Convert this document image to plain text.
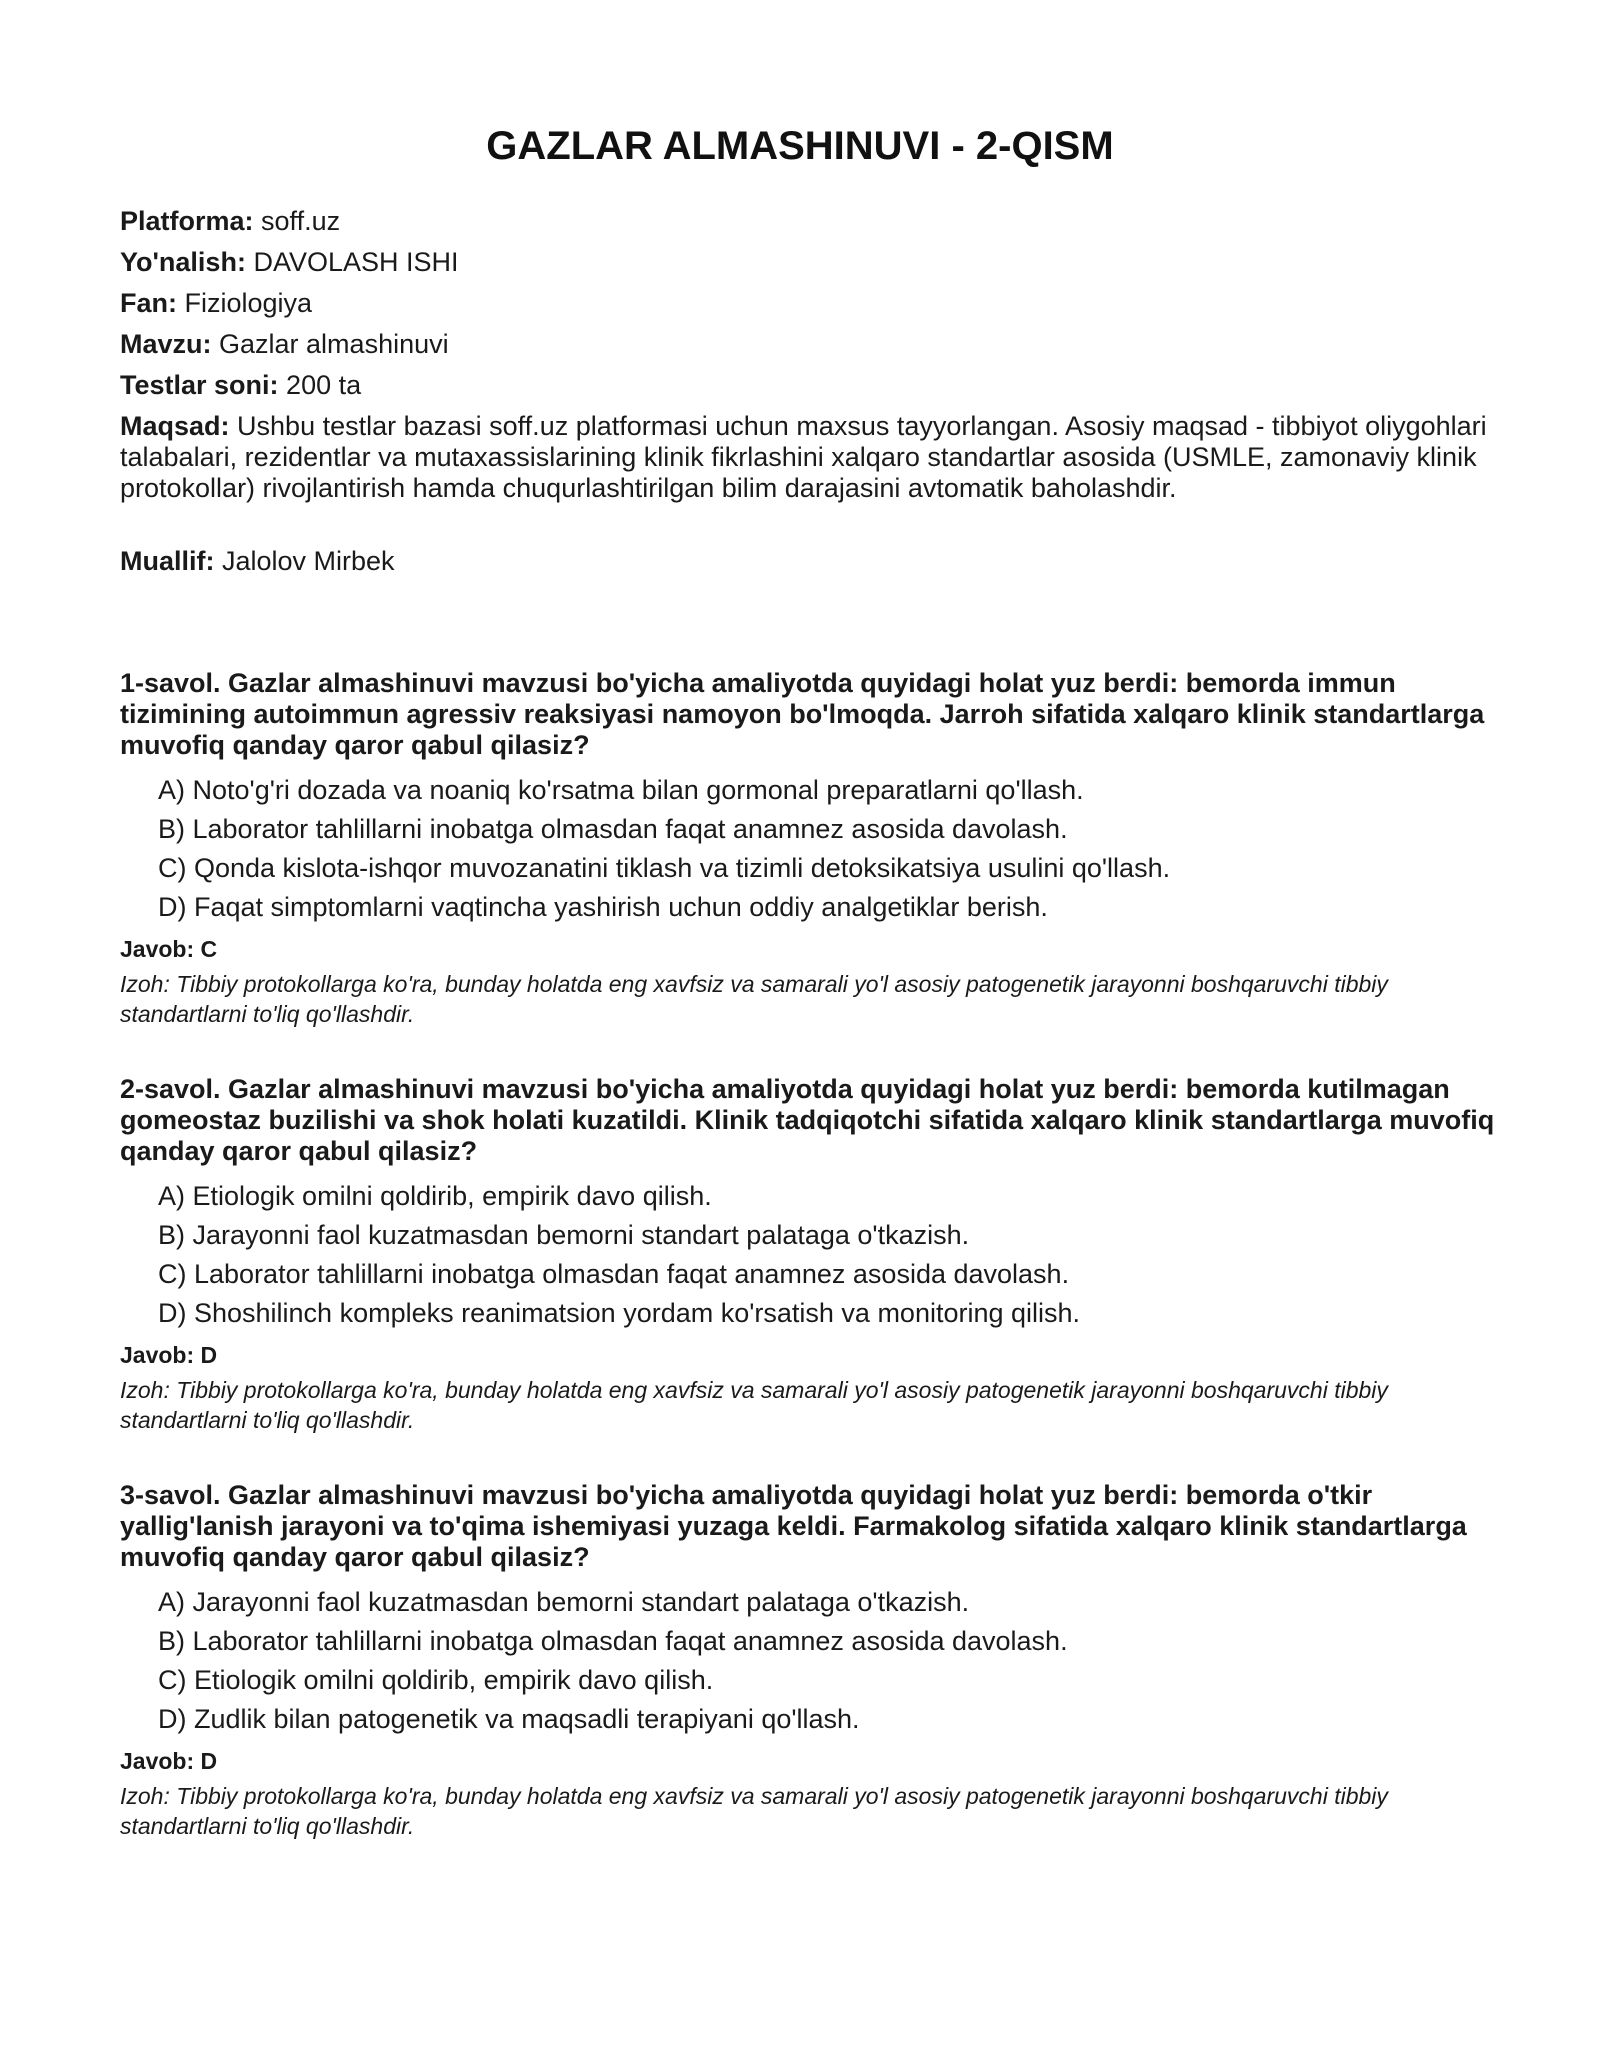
GAZLAR ALMASHINUVI - 2-QISM
Platforma: soff.uz
Yo'nalish: DAVOLASH ISHI
Fan: Fiziologiya
Mavzu: Gazlar almashinuvi
Testlar soni: 200 ta
Maqsad: Ushbu testlar bazasi soff.uz platformasi uchun maxsus tayyorlangan. Asosiy maqsad - tibbiyot oliygohlari talabalari, rezidentlar va mutaxassislarining klinik fikrlashini xalqaro standartlar asosida (USMLE, zamonaviy klinik protokollar) rivojlantirish hamda chuqurlashtirilgan bilim darajasini avtomatik baholashdir.
Muallif: Jalolov Mirbek
1-savol. Gazlar almashinuvi mavzusi bo'yicha amaliyotda quyidagi holat yuz berdi: bemorda immun tizimining autoimmun agressiv reaksiyasi namoyon bo'lmoqda. Jarroh sifatida xalqaro klinik standartlarga muvofiq qanday qaror qabul qilasiz?
A) Noto'g'ri dozada va noaniq ko'rsatma bilan gormonal preparatlarni qo'llash.
B) Laborator tahlillarni inobatga olmasdan faqat anamnez asosida davolash.
C) Qonda kislota-ishqor muvozanatini tiklash va tizimli detoksikatsiya usulini qo'llash.
D) Faqat simptomlarni vaqtincha yashirish uchun oddiy analgetiklar berish.
Javob: C
Izoh: Tibbiy protokollarga ko'ra, bunday holatda eng xavfsiz va samarali yo'l asosiy patogenetik jarayonni boshqaruvchi tibbiy standartlarni to'liq qo'llashdir.
2-savol. Gazlar almashinuvi mavzusi bo'yicha amaliyotda quyidagi holat yuz berdi: bemorda kutilmagan gomeostaz buzilishi va shok holati kuzatildi. Klinik tadqiqotchi sifatida xalqaro klinik standartlarga muvofiq qanday qaror qabul qilasiz?
A) Etiologik omilni qoldirib, empirik davo qilish.
B) Jarayonni faol kuzatmasdan bemorni standart palataga o'tkazish.
C) Laborator tahlillarni inobatga olmasdan faqat anamnez asosida davolash.
D) Shoshilinch kompleks reanimatsion yordam ko'rsatish va monitoring qilish.
Javob: D
Izoh: Tibbiy protokollarga ko'ra, bunday holatda eng xavfsiz va samarali yo'l asosiy patogenetik jarayonni boshqaruvchi tibbiy standartlarni to'liq qo'llashdir.
3-savol. Gazlar almashinuvi mavzusi bo'yicha amaliyotda quyidagi holat yuz berdi: bemorda o'tkir yallig'lanish jarayoni va to'qima ishemiyasi yuzaga keldi. Farmakolog sifatida xalqaro klinik standartlarga muvofiq qanday qaror qabul qilasiz?
A) Jarayonni faol kuzatmasdan bemorni standart palataga o'tkazish.
B) Laborator tahlillarni inobatga olmasdan faqat anamnez asosida davolash.
C) Etiologik omilni qoldirib, empirik davo qilish.
D) Zudlik bilan patogenetik va maqsadli terapiyani qo'llash.
Javob: D
Izoh: Tibbiy protokollarga ko'ra, bunday holatda eng xavfsiz va samarali yo'l asosiy patogenetik jarayonni boshqaruvchi tibbiy standartlarni to'liq qo'llashdir.
